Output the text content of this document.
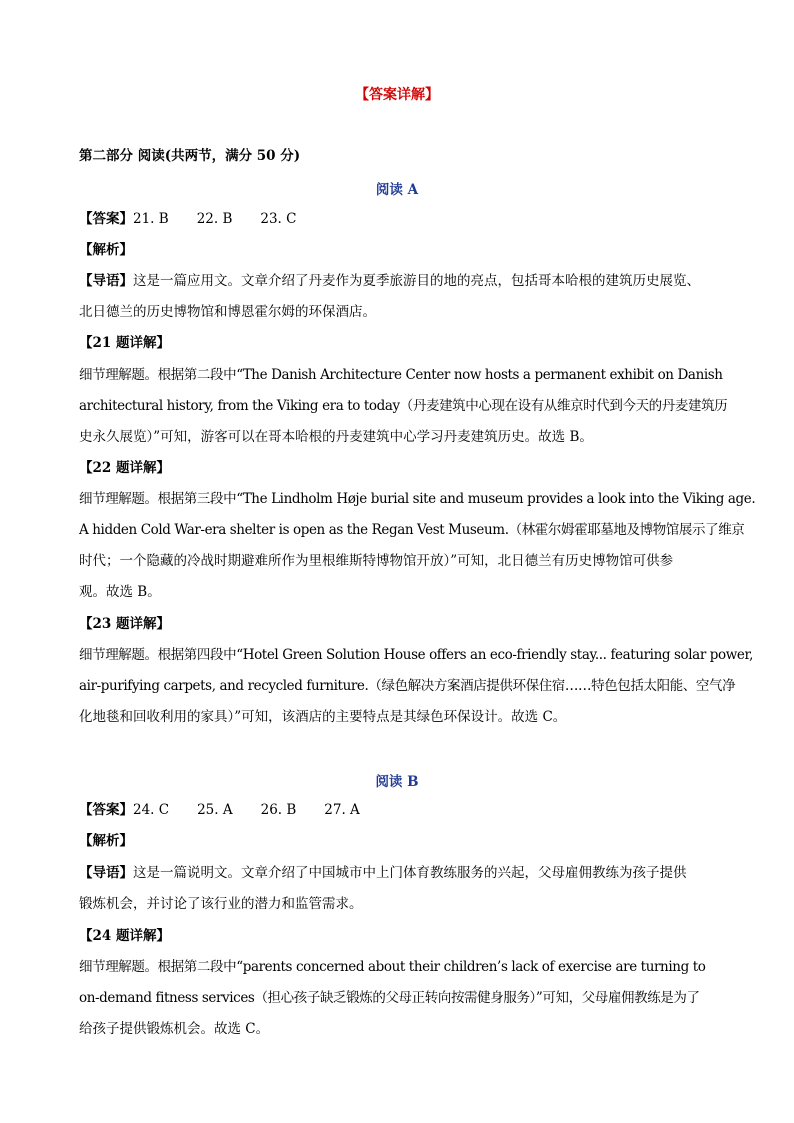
【答案详解】
第二部分 阅读(共两节，满分 50 分)
阅读 A
【答案】21. B 22. B 23. C
【解析】
【导语】这是一篇应用文。文章介绍了丹麦作为夏季旅游目的地的亮点，包括哥本哈根的建筑历史展览、
北日德兰的历史博物馆和博恩霍尔姆的环保酒店。
【21 题详解】
细节理解题。根据第二段中“The Danish Architecture Center now hosts a permanent exhibit on Danish
architectural history, from the Viking era to today（丹麦建筑中心现在设有从维京时代到今天的丹麦建筑历
史永久展览）”可知，游客可以在哥本哈根的丹麦建筑中心学习丹麦建筑历史。故选 B。
【22 题详解】
细节理解题。根据第三段中“The Lindholm Høje burial site and museum provides a look into the Viking age.
A hidden Cold War-era shelter is open as the Regan Vest Museum.（林霍尔姆霍耶墓地及博物馆展示了维京
时代；一个隐藏的冷战时期避难所作为里根维斯特博物馆开放）”可知，北日德兰有历史博物馆可供参
观。故选 B。
【23 题详解】
细节理解题。根据第四段中“Hotel Green Solution House offers an eco-friendly stay... featuring solar power,
air-purifying carpets, and recycled furniture.（绿色解决方案酒店提供环保住宿……特色包括太阳能、空气净
化地毯和回收利用的家具）”可知，该酒店的主要特点是其绿色环保设计。故选 C。
阅读 B
【答案】24. C 25. A 26. B 27. A
【解析】
【导语】这是一篇说明文。文章介绍了中国城市中上门体育教练服务的兴起，父母雇佣教练为孩子提供
锻炼机会，并讨论了该行业的潜力和监管需求。
【24 题详解】
细节理解题。根据第二段中“parents concerned about their children’s lack of exercise are turning to
on-demand fitness services（担心孩子缺乏锻炼的父母正转向按需健身服务）”可知，父母雇佣教练是为了
给孩子提供锻炼机会。故选 C。
